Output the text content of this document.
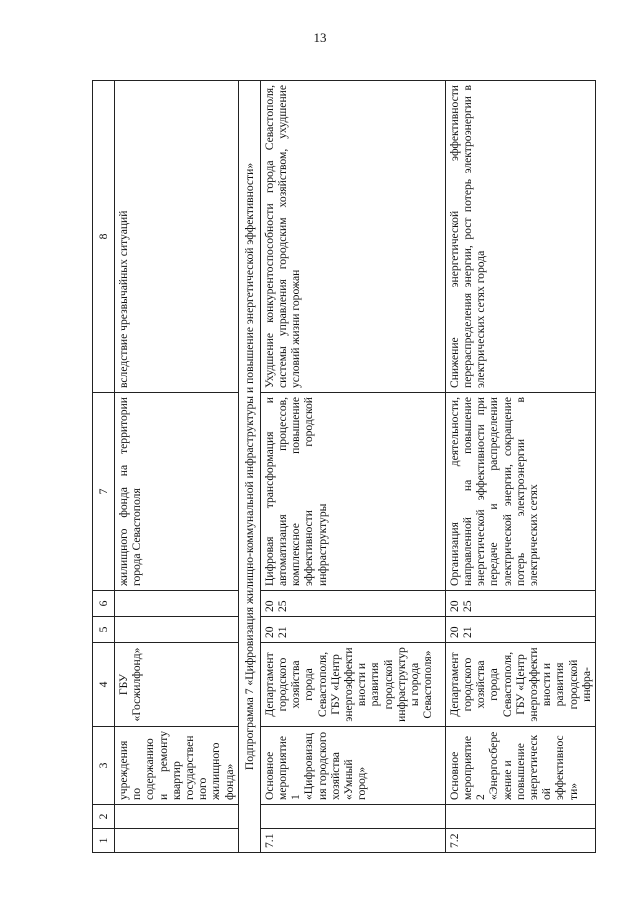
13
1	2	3	4	5	6	7	8
		учреждения по содержанию и ремонту квартир государственного жилищного фонда»	ГБУ «Госжилфонд»			жилищного фонда на территории города Севастополя	вследствие чрезвычайных ситуаций
Подпрограмма 7 «Цифровизация жилищно-коммунальной инфраструктуры и повышение энергетической эффективности»							
7.1		Основное мероприятие 1 «Цифровизация городского хозяйства «Умный город»	Департамент городского хозяйства города Севастополя, ГБУ «Центр энергоэффективности и развития городской инфраструктуры города Севастополя»	2021	2025	Цифровая трансформация и автоматизация процессов, комплексное повышение эффективности городской инфраструктуры	Ухудшение конкурентоспособности города Севастополя, системы управления городским хозяйством, ухудшение условий жизни горожан
7.2		Основное мероприятие 2 «Энергосбережение и повышение энергетической эффективности»	Департамент городского хозяйства города Севастополя, ГБУ «Центр энергоэффективности и развития городской инфра-	2021	2025	Организация деятельности, направленной на повышение энергетической эффективности при передаче и распределении электрической энергии, сокращение потерь электроэнергии в электрических сетях	Снижение энергетической эффективности перераспределения энергии, рост потерь электроэнергии в электрических сетях города
